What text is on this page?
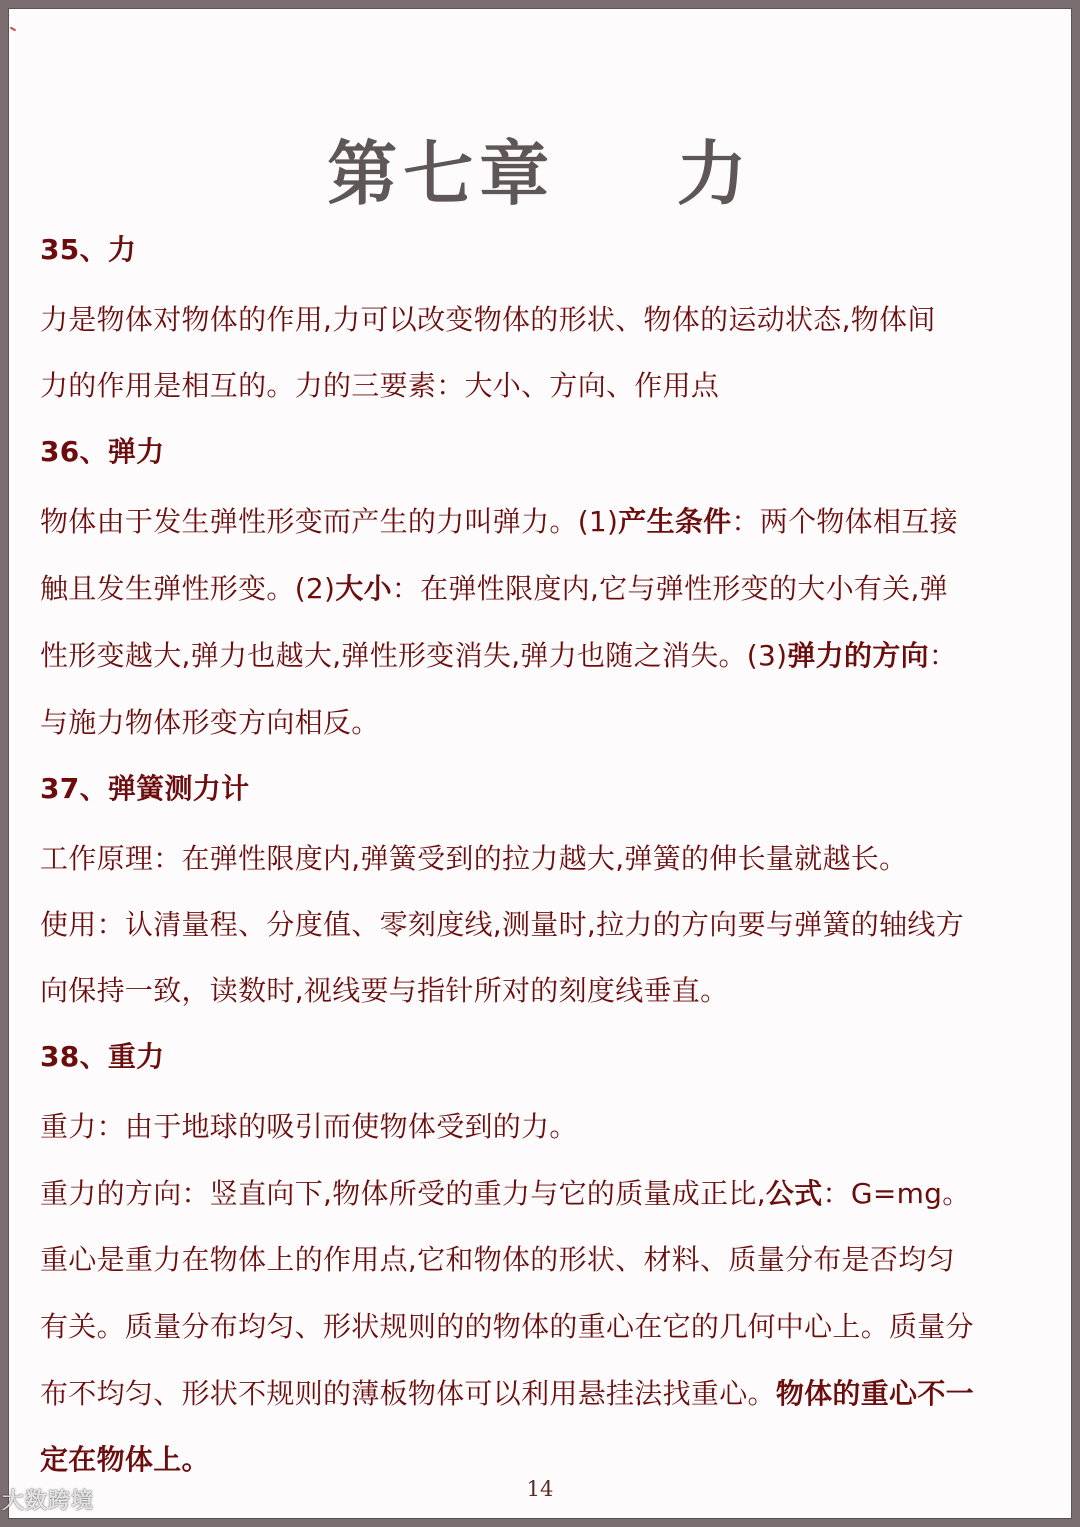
第七章    力
35、力
力是物体对物体的作用,力可以改变物体的形状、物体的运动状态,物体间
力的作用是相互的。力的三要素：大小、方向、作用点
36、弹力
物体由于发生弹性形变而产生的力叫弹力。(1)产生条件：两个物体相互接
触且发生弹性形变。(2)大小：在弹性限度内,它与弹性形变的大小有关,弹
性形变越大,弹力也越大,弹性形变消失,弹力也随之消失。(3)弹力的方向：
与施力物体形变方向相反。
37、弹簧测力计
工作原理：在弹性限度内,弹簧受到的拉力越大,弹簧的伸长量就越长。
使用：认清量程、分度值、零刻度线,测量时,拉力的方向要与弹簧的轴线方
向保持一致，读数时,视线要与指针所对的刻度线垂直。
38、重力
重力：由于地球的吸引而使物体受到的力。
重力的方向：竖直向下,物体所受的重力与它的质量成正比,公式：G=mg。
重心是重力在物体上的作用点,它和物体的形状、材料、质量分布是否均匀
有关。质量分布均匀、形状规则的的物体的重心在它的几何中心上。质量分
布不均匀、形状不规则的薄板物体可以利用悬挂法找重心。物体的重心不一
定在物体上。
14
大数跨境
